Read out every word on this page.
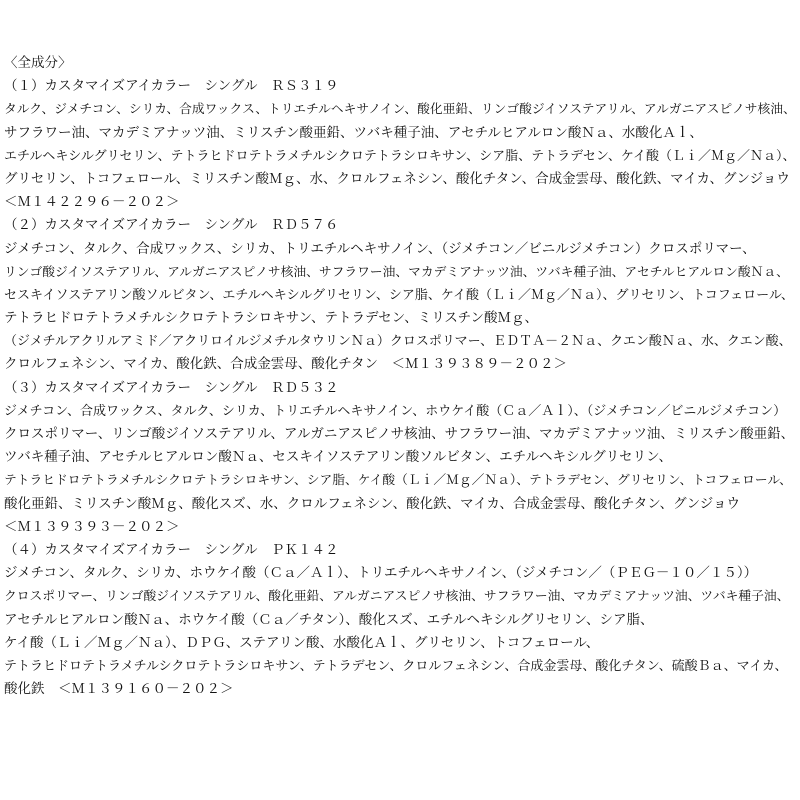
〈全成分〉
（１）カスタマイズアイカラー　シングル　ＲＳ３１９
タルク、ジメチコン、シリカ、合成ワックス、トリエチルヘキサノイン、酸化亜鉛、リンゴ酸ジイソステアリル、アルガニアスピノサ核油、
サフラワー油、マカデミアナッツ油、ミリスチン酸亜鉛、ツバキ種子油、アセチルヒアルロン酸Ｎａ、水酸化Ａｌ、
エチルヘキシルグリセリン、テトラヒドロテトラメチルシクロテトラシロキサン、シア脂、テトラデセン、ケイ酸（Ｌｉ／Ｍｇ／Ｎａ）、
グリセリン、トコフェロール、ミリスチン酸Ｍｇ、水、クロルフェネシン、酸化チタン、合成金雲母、酸化鉄、マイカ、グンジョウ
＜Ｍ１４２２９６－２０２＞
（２）カスタマイズアイカラー　シングル　ＲＤ５７６
ジメチコン、タルク、合成ワックス、シリカ、トリエチルヘキサノイン、（ジメチコン／ビニルジメチコン）クロスポリマー、
リンゴ酸ジイソステアリル、アルガニアスピノサ核油、サフラワー油、マカデミアナッツ油、ツバキ種子油、アセチルヒアルロン酸Ｎａ、
セスキイソステアリン酸ソルビタン、エチルヘキシルグリセリン、シア脂、ケイ酸（Ｌｉ／Ｍｇ／Ｎａ）、グリセリン、トコフェロール、
テトラヒドロテトラメチルシクロテトラシロキサン、テトラデセン、ミリスチン酸Ｍｇ、
（ジメチルアクリルアミド／アクリロイルジメチルタウリンＮａ）クロスポリマー、ＥＤＴＡ－２Ｎａ、クエン酸Ｎａ、水、クエン酸、
クロルフェネシン、マイカ、酸化鉄、合成金雲母、酸化チタン　＜Ｍ１３９３８９－２０２＞
（３）カスタマイズアイカラー　シングル　ＲＤ５３２
ジメチコン、合成ワックス、タルク、シリカ、トリエチルヘキサノイン、ホウケイ酸（Ｃａ／Ａｌ）、（ジメチコン／ビニルジメチコン）
クロスポリマー、リンゴ酸ジイソステアリル、アルガニアスピノサ核油、サフラワー油、マカデミアナッツ油、ミリスチン酸亜鉛、
ツバキ種子油、アセチルヒアルロン酸Ｎａ、セスキイソステアリン酸ソルビタン、エチルヘキシルグリセリン、
テトラヒドロテトラメチルシクロテトラシロキサン、シア脂、ケイ酸（Ｌｉ／Ｍｇ／Ｎａ）、テトラデセン、グリセリン、トコフェロール、
酸化亜鉛、ミリスチン酸Ｍｇ、酸化スズ、水、クロルフェネシン、酸化鉄、マイカ、合成金雲母、酸化チタン、グンジョウ
＜Ｍ１３９３９３－２０２＞
（４）カスタマイズアイカラー　シングル　ＰＫ１４２
ジメチコン、タルク、シリカ、ホウケイ酸（Ｃａ／Ａｌ）、トリエチルヘキサノイン、（ジメチコン／（ＰＥＧ－１０／１５））
クロスポリマー、リンゴ酸ジイソステアリル、酸化亜鉛、アルガニアスピノサ核油、サフラワー油、マカデミアナッツ油、ツバキ種子油、
アセチルヒアルロン酸Ｎａ、ホウケイ酸（Ｃａ／チタン）、酸化スズ、エチルヘキシルグリセリン、シア脂、
ケイ酸（Ｌｉ／Ｍｇ／Ｎａ）、ＤＰＧ、ステアリン酸、水酸化Ａｌ、グリセリン、トコフェロール、
テトラヒドロテトラメチルシクロテトラシロキサン、テトラデセン、クロルフェネシン、合成金雲母、酸化チタン、硫酸Ｂａ、マイカ、
酸化鉄　＜Ｍ１３９１６０－２０２＞
